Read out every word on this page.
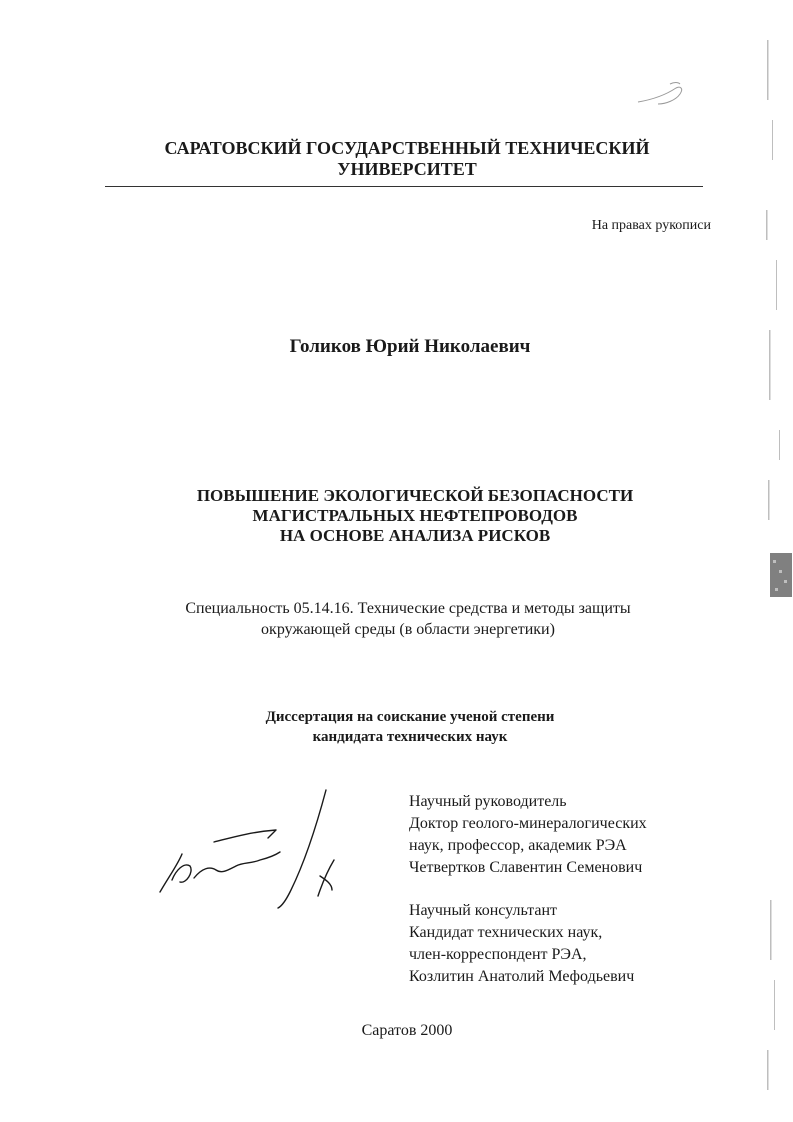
САРАТОВСКИЙ ГОСУДАРСТВЕННЫЙ ТЕХНИЧЕСКИЙ
УНИВЕРСИТЕТ
На правах рукописи
Голиков Юрий Николаевич
ПОВЫШЕНИЕ ЭКОЛОГИЧЕСКОЙ БЕЗОПАСНОСТИ
МАГИСТРАЛЬНЫХ НЕФТЕПРОВОДОВ
НА ОСНОВЕ АНАЛИЗА РИСКОВ
Специальность 05.14.16. Технические средства и методы защиты
окружающей среды (в области энергетики)
Диссертация на соискание ученой степени
кандидата технических наук
Научный руководитель
Доктор геолого-минералогических
наук, профессор, академик РЭА
Четвертков Славентин Семенович
Научный консультант
Кандидат технических наук,
член-корреспондент РЭА,
Козлитин Анатолий Мефодьевич
Саратов 2000
